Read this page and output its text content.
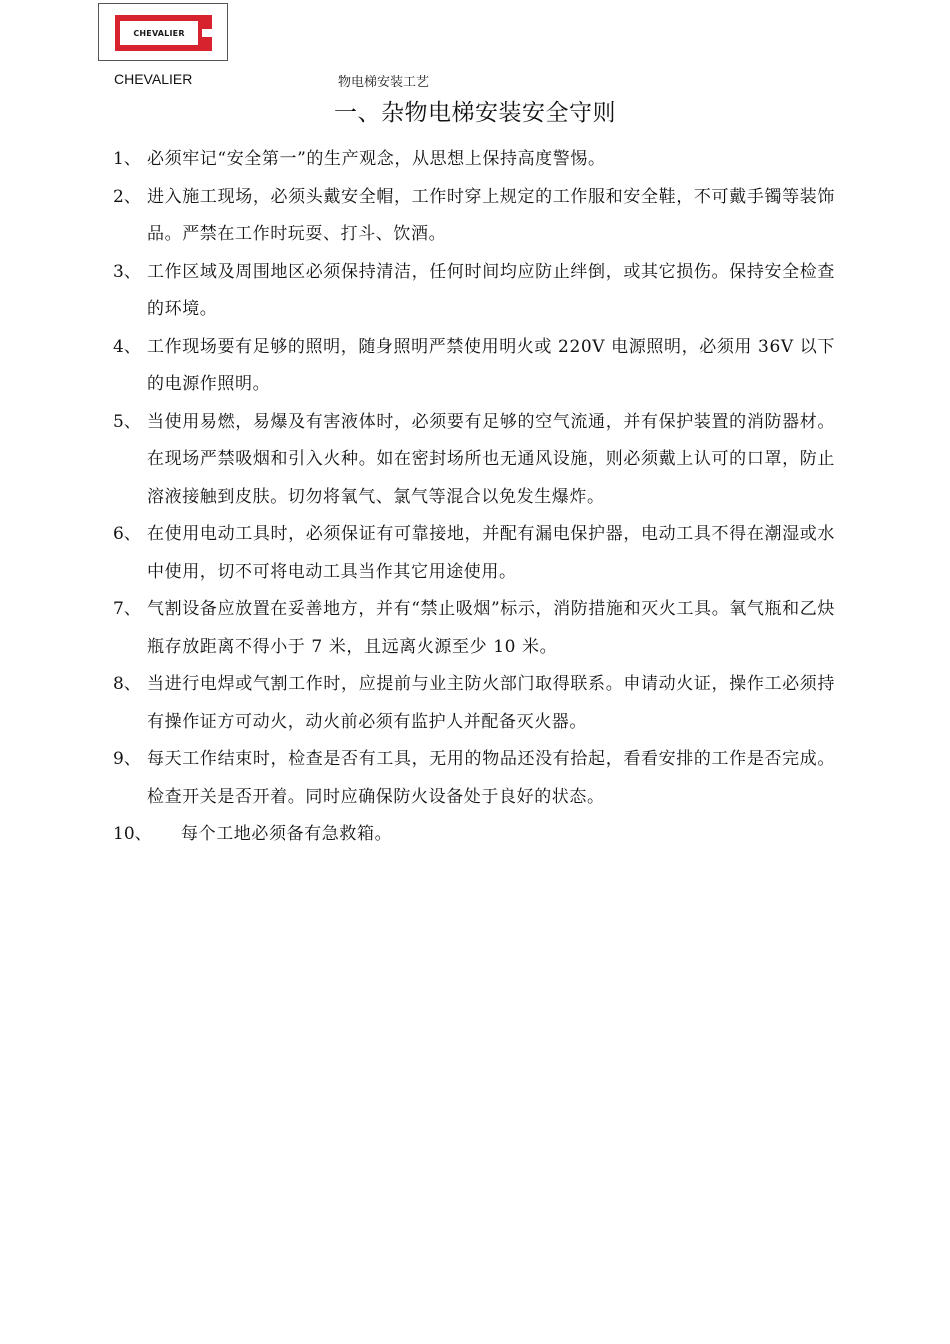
CHEVALIER
CHEVALIER	物电梯安装工艺
一、杂物电梯安装安全守则
1、 必须牢记“安全第一”的生产观念，从思想上保持高度警惕。
2、 进入施工现场，必须头戴安全帽，工作时穿上规定的工作服和安全鞋，不可戴手镯等装饰品。严禁在工作时玩耍、打斗、饮酒。
3、 工作区域及周围地区必须保持清洁，任何时间均应防止绊倒，或其它损伤。保持安全检查的环境。
4、 工作现场要有足够的照明，随身照明严禁使用明火或 220V 电源照明，必须用 36V 以下的电源作照明。
5、 当使用易燃，易爆及有害液体时，必须要有足够的空气流通，并有保护装置的消防器材。在现场严禁吸烟和引入火种。如在密封场所也无通风设施，则必须戴上认可的口罩，防止溶液接触到皮肤。切勿将氧气、氯气等混合以免发生爆炸。
6、 在使用电动工具时，必须保证有可靠接地，并配有漏电保护器，电动工具不得在潮湿或水中使用，切不可将电动工具当作其它用途使用。
7、 气割设备应放置在妥善地方，并有“禁止吸烟”标示，消防措施和灭火工具。氧气瓶和乙炔瓶存放距离不得小于 7 米，且远离火源至少 10 米。
8、 当进行电焊或气割工作时，应提前与业主防火部门取得联系。申请动火证，操作工必须持有操作证方可动火，动火前必须有监护人并配备灭火器。
9、 每天工作结束时，检查是否有工具，无用的物品还没有拾起，看看安排的工作是否完成。检查开关是否开着。同时应确保防火设备处于良好的状态。
10、	每个工地必须备有急救箱。
